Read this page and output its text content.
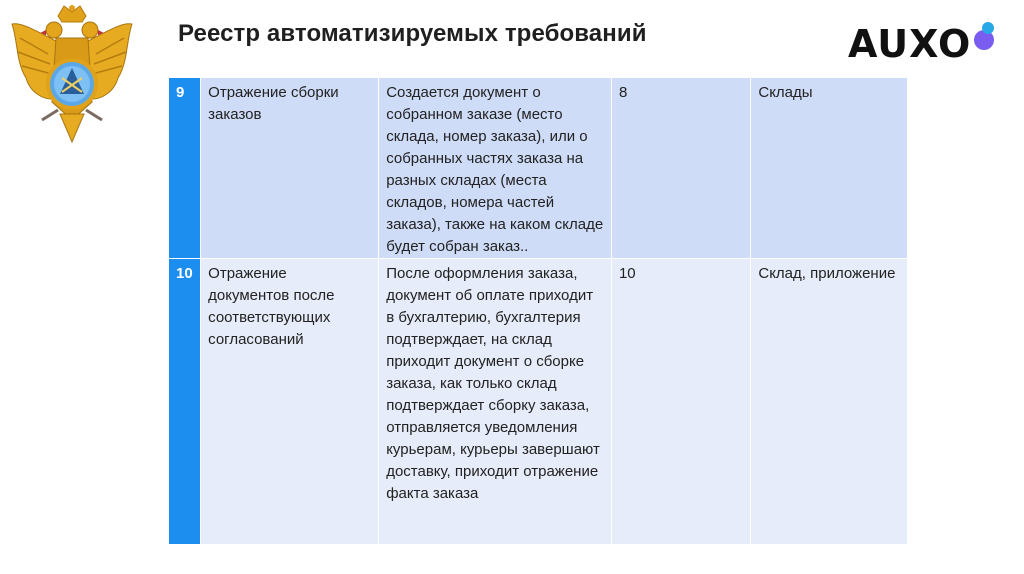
Реестр автоматизируемых требований	AUXO
9	Отражение сборки заказов	Создается документ о собранном заказе (место склада, номер заказа), или о собранных частях заказа на разных складах (места складов, номера частей заказа), также на каком складе будет собран заказ..	8	Склады
10	Отражение документов после соответствующих согласований	После оформления заказа, документ об оплате приходит в бухгалтерию, бухгалтерия подтверждает, на склад приходит документ о сборке заказа, как только склад подтверждает сборку заказа, отправляется уведомления курьерам, курьеры завершают доставку, приходит отражение факта заказа	10	Склад, приложение
